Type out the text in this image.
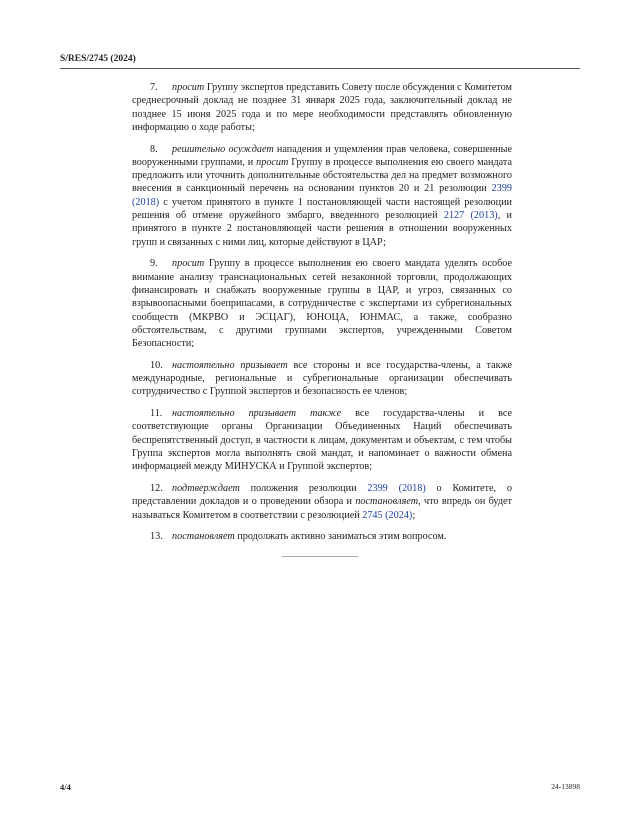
S/RES/2745 (2024)

7. просит Группу экспертов представить Совету после обсуждения с Комитетом среднесрочный доклад не позднее 31 января 2025 года, заключительный доклад не позднее 15 июня 2025 года и по мере необходимости представлять обновленную информацию о ходе работы;

8. решительно осуждает нападения и ущемления прав человека, совершенные вооруженными группами, и просит Группу в процессе выполнения ею своего мандата предложить или уточнить дополнительные обстоятельства дел на предмет возможного внесения в санкционный перечень на основании пунктов 20 и 21 резолюции 2399 (2018) с учетом принятого в пункте 1 постановляющей части настоящей резолюции решения об отмене оружейного эмбарго, введенного резолюцией 2127 (2013), и принятого в пункте 2 постановляющей части решения в отношении вооруженных групп и связанных с ними лиц, которые действуют в ЦАР;

9. просит Группу в процессе выполнения ею своего мандата уделять особое внимание анализу транснациональных сетей незаконной торговли, продолжающих финансировать и снабжать вооруженные группы в ЦАР, и угроз, связанных со взрывоопасными боеприпасами, в сотрудничестве с экспертами из субрегиональных сообществ (МКРВО и ЭСЦАГ), ЮНОЦА, ЮНМАС, а также, сообразно обстоятельствам, с другими группами экспертов, учрежденными Советом Безопасности;

10. настоятельно призывает все стороны и все государства-члены, а также международные, региональные и субрегиональные организации обеспечивать сотрудничество с Группой экспертов и безопасность ее членов;

11. настоятельно призывает также все государства-члены и все соответствующие органы Организации Объединенных Наций обеспечивать беспрепятственный доступ, в частности к лицам, документам и объектам, с тем чтобы Группа экспертов могла выполнять свой мандат, и напоминает о важности обмена информацией между МИНУСКА и Группой экспертов;

12. подтверждает положения резолюции 2399 (2018) о Комитете, о представлении докладов и о проведении обзора и постановляет, что впредь он будет называться Комитетом в соответствии с резолюцией 2745 (2024);

13. постановляет продолжать активно заниматься этим вопросом.

4/4	24-13898
